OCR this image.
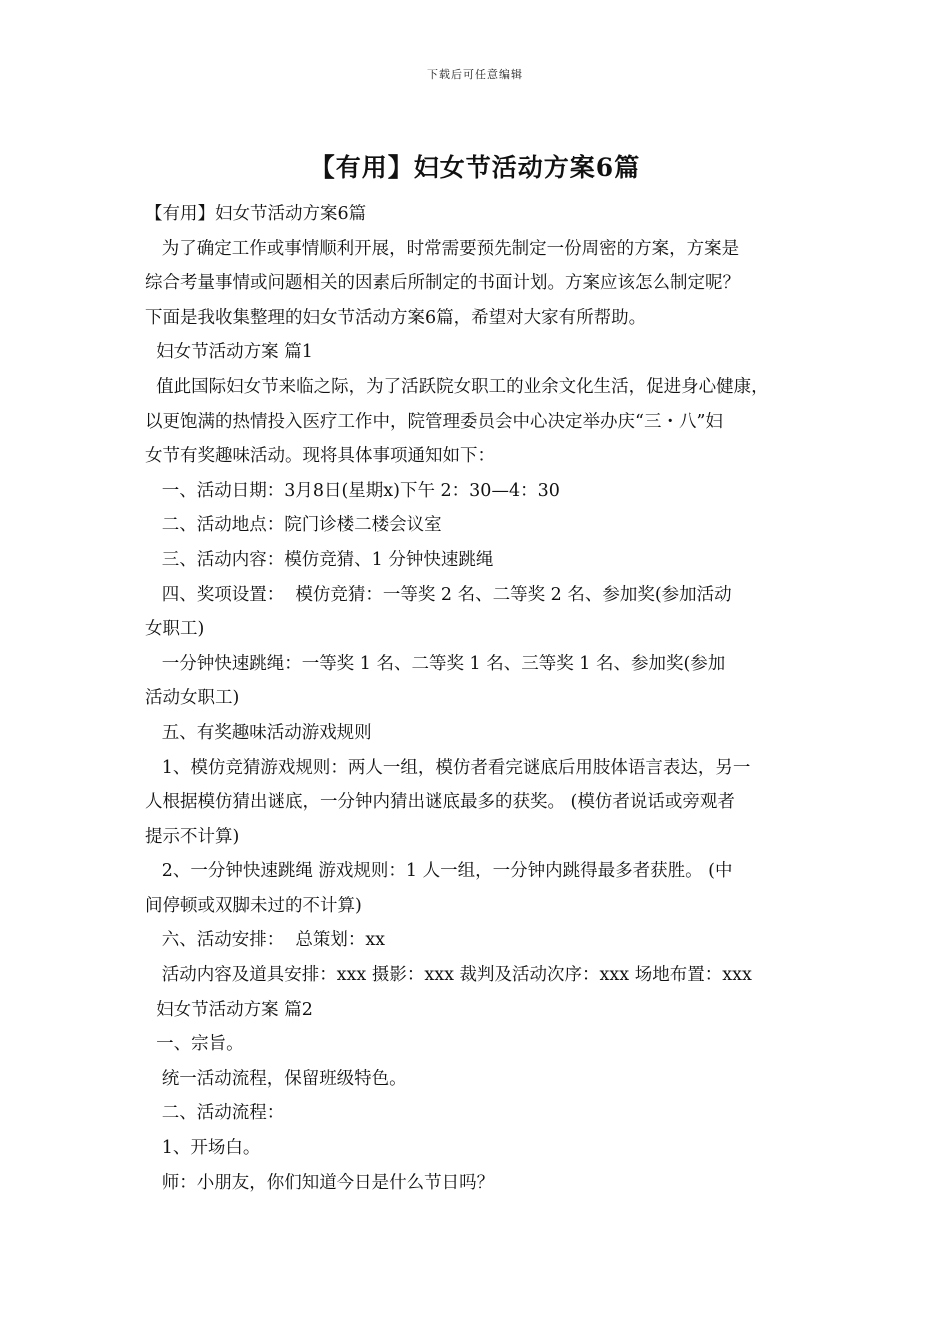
下载后可任意编辑
【有用】妇女节活动方案6篇
【有用】妇女节活动方案6篇
为了确定工作或事情顺利开展，时常需要预先制定一份周密的方案，方案是
综合考量事情或问题相关的因素后所制定的书面计划。方案应该怎么制定呢？
下面是我收集整理的妇女节活动方案6篇，希望对大家有所帮助。
妇女节活动方案 篇1
值此国际妇女节来临之际，为了活跃院女职工的业余文化生活，促进身心健康，
以更饱满的热情投入医疗工作中，院管理委员会中心决定举办庆“三・八”妇
女节有奖趣味活动。现将具体事项通知如下：
一、活动日期：3月8日(星期x)下午 2：30—4：30
二、活动地点：院门诊楼二楼会议室
三、活动内容：模仿竞猜、1 分钟快速跳绳
四、奖项设置：  模仿竞猜：一等奖 2 名、二等奖 2 名、参加奖(参加活动
女职工)
一分钟快速跳绳：一等奖 1 名、二等奖 1 名、三等奖 1 名、参加奖(参加
活动女职工)
五、有奖趣味活动游戏规则
1、模仿竞猜游戏规则：两人一组，模仿者看完谜底后用肢体语言表达，另一
人根据模仿猜出谜底，一分钟内猜出谜底最多的获奖。 (模仿者说话或旁观者
提示不计算)
2、一分钟快速跳绳 游戏规则：1 人一组，一分钟内跳得最多者获胜。 (中
间停顿或双脚未过的不计算)
六、活动安排：  总策划：xx
活动内容及道具安排：xxx 摄影：xxx 裁判及活动次序：xxx 场地布置：xxx
妇女节活动方案 篇2
一、宗旨。
统一活动流程，保留班级特色。
二、活动流程：
1、开场白。
师：小朋友，你们知道今日是什么节日吗？
